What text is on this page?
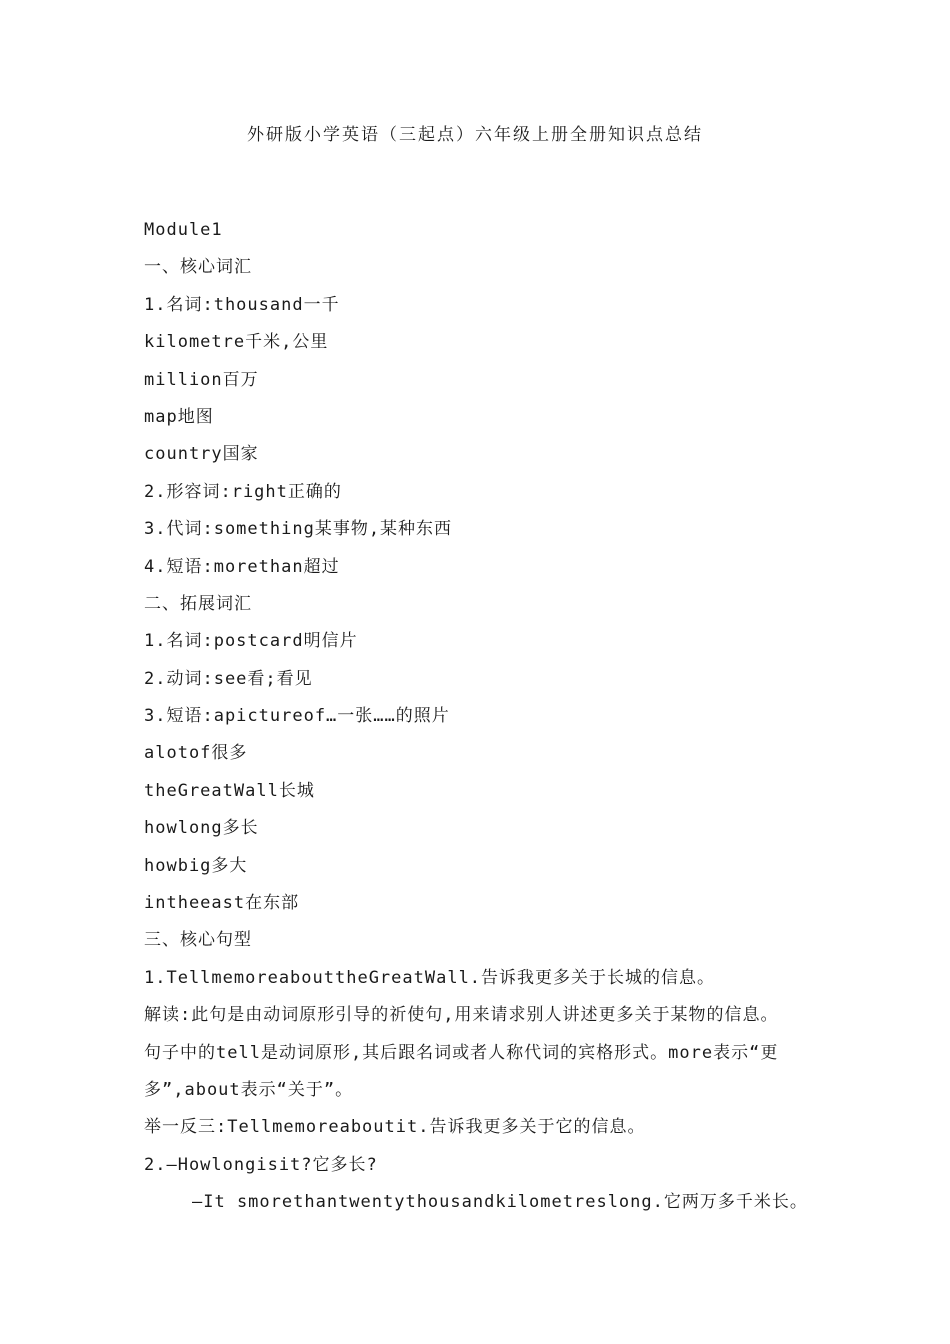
外研版小学英语（三起点）六年级上册全册知识点总结
Module1
一、核心词汇
1.名词:thousand一千
kilometre千米,公里
million百万
map地图
country国家
2.形容词:right正确的
3.代词:something某事物,某种东西
4.短语:morethan超过
二、拓展词汇
1.名词:postcard明信片
2.动词:see看;看见
3.短语:apictureof…一张……的照片
alotof很多
theGreatWall长城
howlong多长
howbig多大
intheeast在东部
三、核心句型
1.TellmemoreabouttheGreatWall.告诉我更多关于长城的信息。
解读:此句是由动词原形引导的祈使句,用来请求别人讲述更多关于某物的信息。
句子中的tell是动词原形,其后跟名词或者人称代词的宾格形式。more表示“更
多”,about表示“关于”。
举一反三:Tellmemoreaboutit.告诉我更多关于它的信息。
2.—Howlongisit?它多长?
—It smorethantwentythousandkilometreslong.它两万多千米长。
